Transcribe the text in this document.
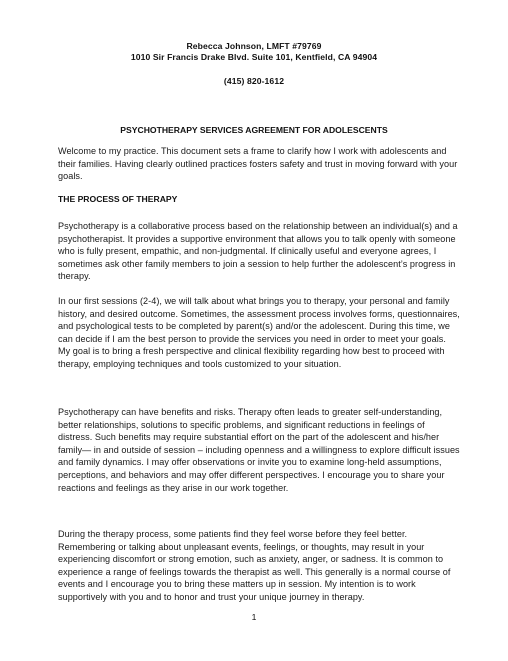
Rebecca Johnson, LMFT #79769
1010 Sir Francis Drake Blvd. Suite 101, Kentfield, CA 94904
(415) 820-1612
PSYCHOTHERAPY SERVICES AGREEMENT FOR ADOLESCENTS
Welcome to my practice. This document sets a frame to clarify how I work with adolescents and their families. Having clearly outlined practices fosters safety and trust in moving forward with your goals.
THE PROCESS OF THERAPY
Psychotherapy is a collaborative process based on the relationship between an individual(s) and a psychotherapist. It provides a supportive environment that allows you to talk openly with someone who is fully present, empathic, and non-judgmental. If clinically useful and everyone agrees, I sometimes ask other family members to join a session to help further the adolescent’s progress in therapy.
In our first sessions (2-4), we will talk about what brings you to therapy, your personal and family history, and desired outcome. Sometimes, the assessment process involves forms, questionnaires, and psychological tests to be completed by parent(s) and/or the adolescent. During this time, we can decide if I am the best person to provide the services you need in order to meet your goals. My goal is to bring a fresh perspective and clinical flexibility regarding how best to proceed with therapy, employing techniques and tools customized to your situation.
Psychotherapy can have benefits and risks. Therapy often leads to greater self-understanding, better relationships, solutions to specific problems, and significant reductions in feelings of distress. Such benefits may require substantial effort on the part of the adolescent and his/her family— in and outside of session – including openness and a willingness to explore difficult issues and family dynamics. I may offer observations or invite you to examine long-held assumptions, perceptions, and behaviors and may offer different perspectives. I encourage you to share your reactions and feelings as they arise in our work together.
During the therapy process, some patients find they feel worse before they feel better. Remembering or talking about unpleasant events, feelings, or thoughts, may result in your experiencing discomfort or strong emotion, such as anxiety, anger, or sadness. It is common to experience a range of feelings towards the therapist as well. This generally is a normal course of events and I encourage you to bring these matters up in session. My intention is to work supportively with you and to honor and trust your unique journey in therapy.
1
